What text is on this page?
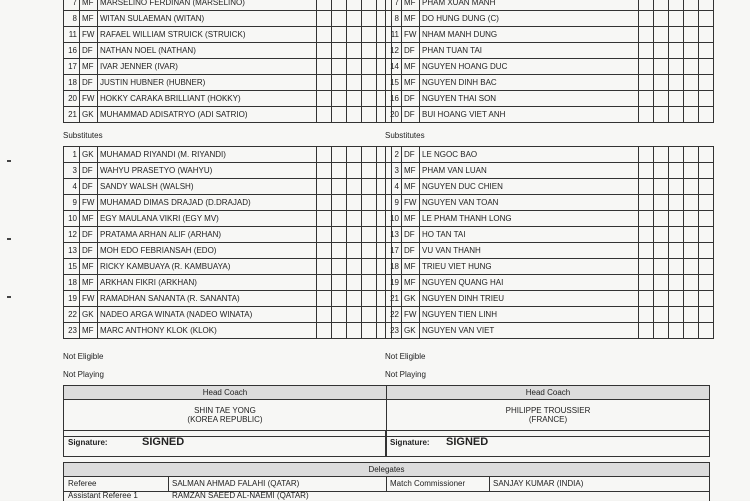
7	MF	MARSELINO FERDINAN (MARSELINO)					
8	MF	WITAN SULAEMAN (WITAN)					
11	FW	RAFAEL WILLIAM STRUICK (STRUICK)					
16	DF	NATHAN NOEL (NATHAN)					
17	MF	IVAR JENNER (IVAR)					
18	DF	JUSTIN HUBNER (HUBNER)					
20	FW	HOKKY CARAKA BRILLIANT (HOKKY)					
21	GK	MUHAMMAD ADISATRYO (ADI SATRIO)					
7	MF	PHAM XUAN MANH					
8	MF	DO HUNG DUNG (C)					
11	FW	NHAM MANH DUNG					
12	DF	PHAN TUAN TAI					
14	MF	NGUYEN HOANG DUC					
15	MF	NGUYEN DINH BAC					
16	DF	NGUYEN THAI SON					
20	DF	BUI HOANG VIET ANH					
Substitutes	Substitutes
1	GK	MUHAMAD RIYANDI (M. RIYANDI)					
3	DF	WAHYU PRASETYO (WAHYU)					
4	DF	SANDY WALSH (WALSH)					
9	FW	MUHAMAD DIMAS DRAJAD (D.DRAJAD)					
10	MF	EGY MAULANA VIKRI (EGY MV)					
12	DF	PRATAMA ARHAN ALIF (ARHAN)					
13	DF	MOH EDO FEBRIANSAH (EDO)					
15	MF	RICKY KAMBUAYA (R. KAMBUAYA)					
18	MF	ARKHAN FIKRI (ARKHAN)					
19	FW	RAMADHAN SANANTA (R. SANANTA)					
22	GK	NADEO ARGA WINATA (NADEO WINATA)					
23	MF	MARC ANTHONY KLOK (KLOK)					
2	DF	LE NGOC BAO					
3	MF	PHAM VAN LUAN					
4	MF	NGUYEN DUC CHIEN					
9	FW	NGUYEN VAN TOAN					
10	MF	LE PHAM THANH LONG					
13	DF	HO TAN TAI					
17	DF	VU VAN THANH					
18	MF	TRIEU VIET HUNG					
19	MF	NGUYEN QUANG HAI					
21	GK	NGUYEN DINH TRIEU					
22	FW	NGUYEN TIEN LINH					
23	GK	NGUYEN VAN VIET					
Not Eligible	Not Eligible
Not Playing	Not Playing
Head Coach
SHIN TAE YONG
(KOREA REPUBLIC)
Head Coach
PHILIPPE TROUSSIER
(FRANCE)
Signature:	SIGNED	Signature: SIGNED
Delegates
Referee	SALMAN AHMAD FALAHI (QATAR)	Match Commissioner	SANJAY KUMAR (INDIA)
Assistant Referee 1	RAMZAN SAEED AL-NAEMI (QATAR)
